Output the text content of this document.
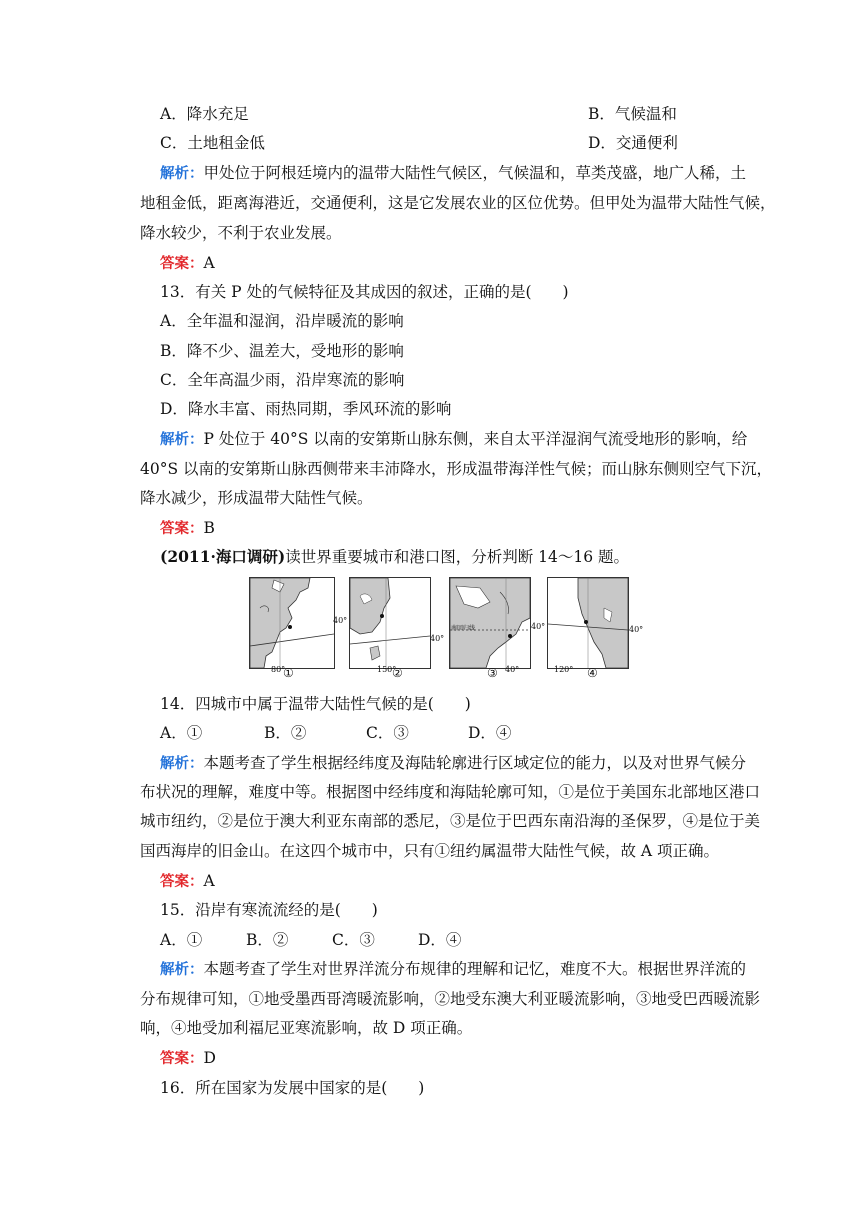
A．降水充足	B．气候温和
C．土地租金低	D．交通便利
解析：甲处位于阿根廷境内的温带大陆性气候区，气候温和，草类茂盛，地广人稀，土
地租金低，距离海港近，交通便利，这是它发展农业的区位优势。但甲处为温带大陆性气候，
降水较少，不利于农业发展。
答案：A
13．有关 P 处的气候特征及其成因的叙述，正确的是(　　)
A．全年温和湿润，沿岸暖流的影响
B．降不少、温差大，受地形的影响
C．全年高温少雨，沿岸寒流的影响
D．降水丰富、雨热同期，季风环流的影响
解析：P 处位于 40°S 以南的安第斯山脉东侧，来自太平洋湿润气流受地形的影响，给
40°S 以南的安第斯山脉西侧带来丰沛降水，形成温带海洋性气候；而山脉东侧则空气下沉，
降水减少，形成温带大陆性气候。
答案：B
(2011·海口调研)读世界重要城市和港口图，分析判断 14～16 题。
40°
80°
①
40°
150°
②
南回归线	40°
40°
③
40°
120° ④
14．四城市中属于温带大陆性气候的是(　　)
A．①	B．②	C．③	D．④
解析：本题考查了学生根据经纬度及海陆轮廓进行区域定位的能力，以及对世界气候分
布状况的理解，难度中等。根据图中经纬度和海陆轮廓可知，①是位于美国东北部地区港口
城市纽约，②是位于澳大利亚东南部的悉尼，③是位于巴西东南沿海的圣保罗，④是位于美
国西海岸的旧金山。在这四个城市中，只有①纽约属温带大陆性气候，故 A 项正确。
答案：A
15．沿岸有寒流流经的是(　　)
A．①	B．②	C．③	D．④
解析：本题考查了学生对世界洋流分布规律的理解和记忆，难度不大。根据世界洋流的
分布规律可知，①地受墨西哥湾暖流影响，②地受东澳大利亚暖流影响，③地受巴西暖流影
响，④地受加利福尼亚寒流影响，故 D 项正确。
答案：D
16．所在国家为发展中国家的是(　　)
